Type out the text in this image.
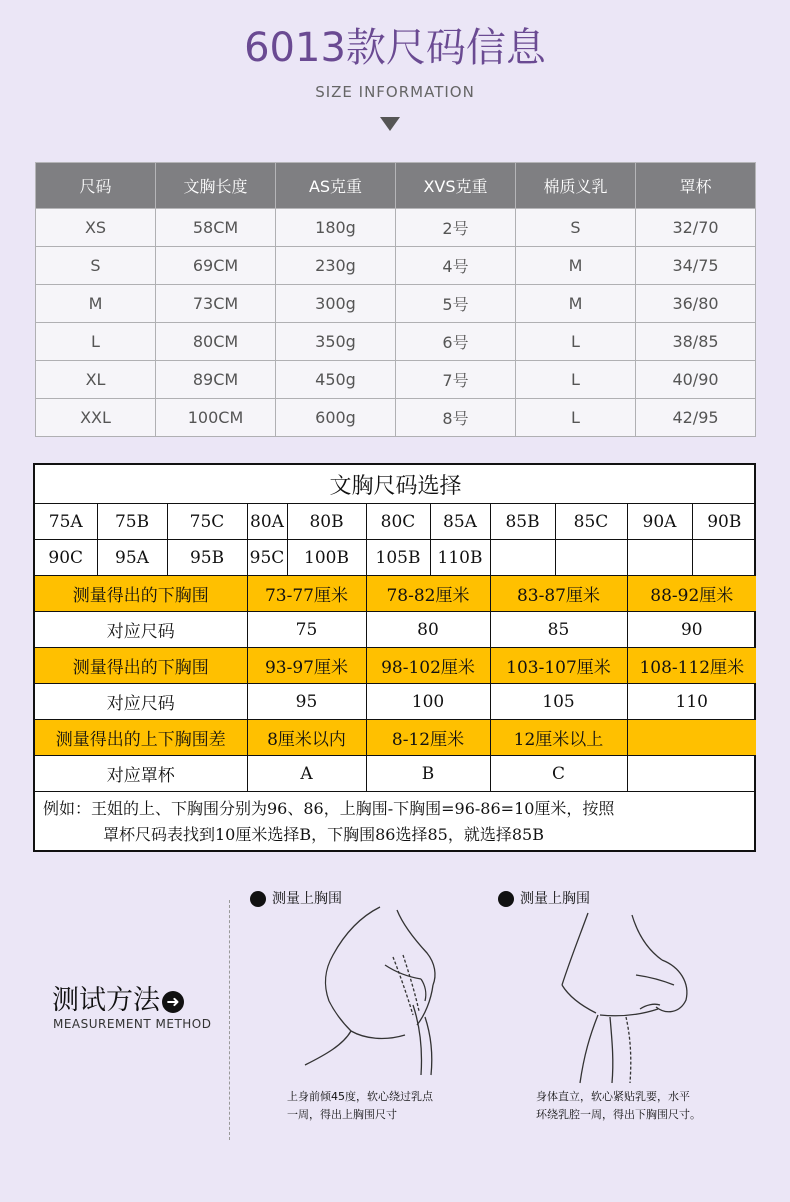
6013款尺码信息
SIZE INFORMATION
尺码	文胸长度	AS克重	XVS克重	棉质义乳	罩杯
XS	58CM	180g	2号	S	32/70
S	69CM	230g	4号	M	34/75
M	73CM	300g	5号	M	36/80
L	80CM	350g	6号	L	38/85
XL	89CM	450g	7号	L	40/90
XXL	100CM	600g	8号	L	42/95
文胸尺码选择										
75A	75B	75C	80A	80B	80C	85A	85B	85C	90A	90B
90C	95A	95B	95C	100B	105B	110B				
测量得出的下胸围			73-77厘米		78-82厘米		83-87厘米		88-92厘米	
对应尺码			75		80		85		90	
测量得出的下胸围			93-97厘米		98-102厘米		103-107厘米		108-112厘米	
对应尺码			95		100		105		110	
测量得出的上下胸围差			8厘米以内		8-12厘米		12厘米以上			
对应罩杯			A		B		C			
例如：王姐的上、下胸围分别为96、86，上胸围-下胸围=96-86=10厘米，按照
罩杯尺码表找到10厘米选择B，下胸围86选择85，就选择85B										
测试方法 ➜
MEASUREMENT METHOD
测量上胸围	测量上胸围
上身前倾45度，软心绕过乳点
一周，得出上胸围尺寸
身体直立，软心紧贴乳要，水平
环绕乳腔一周，得出下胸围尺寸。
